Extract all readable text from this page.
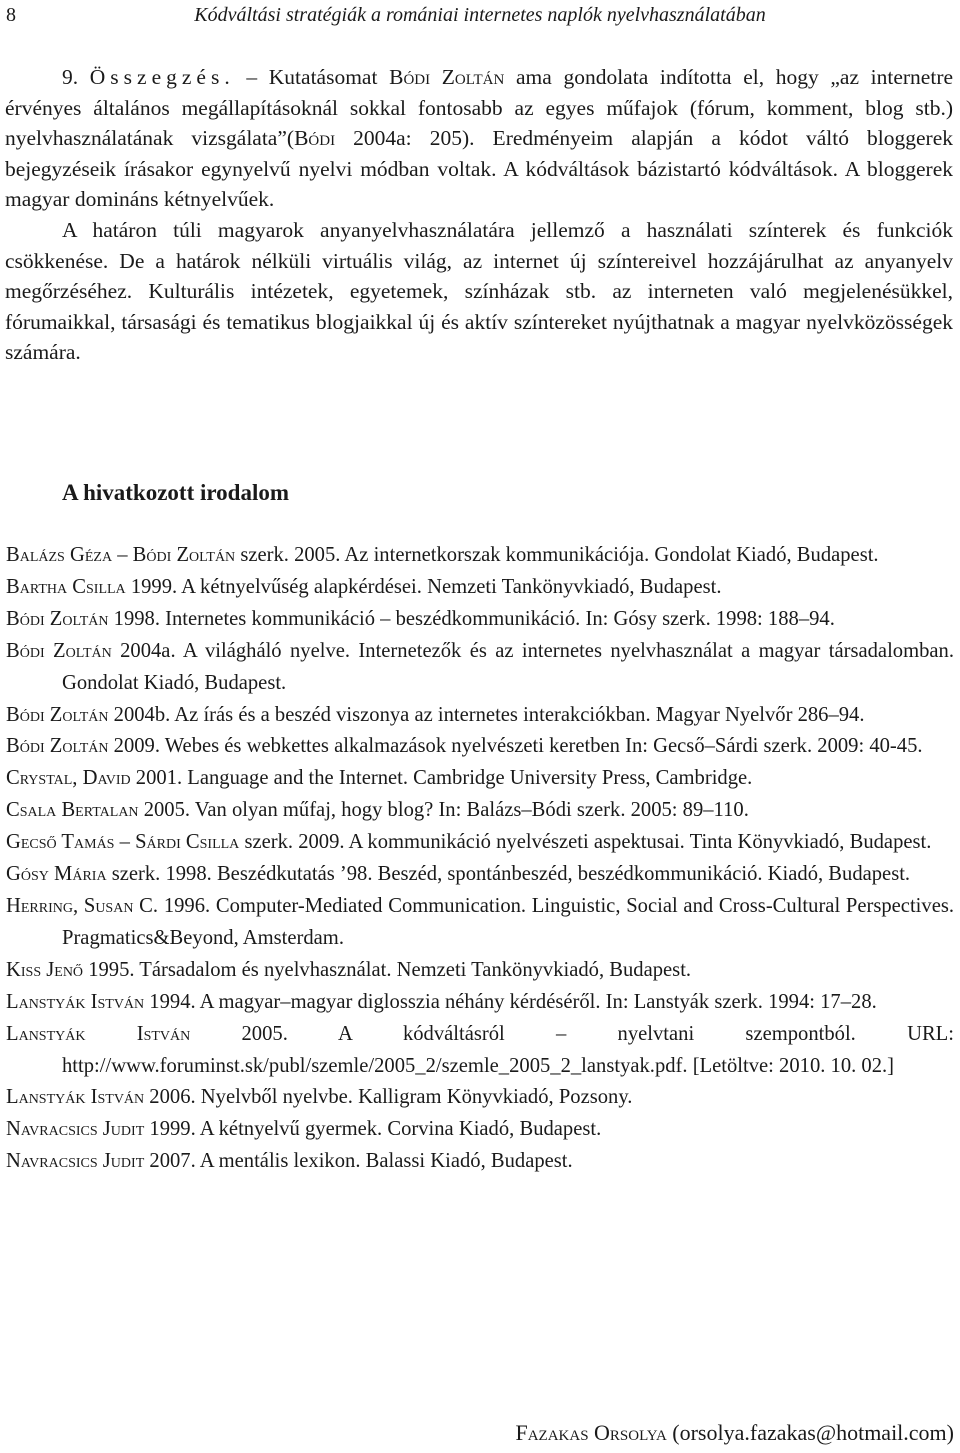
8	Kódváltási stratégiák a romániai internetes naplók nyelvhasználatában
9. Összegzés. – Kutatásomat Bódi Zoltán ama gondolata indította el, hogy „az internetre érvényes általános megállapításoknál sokkal fontosabb az egyes műfajok (fórum, komment, blog stb.) nyelvhasználatának vizsgálata”(Bódi 2004a: 205). Eredményeim alapján a kódot váltó bloggerek bejegyzéseik írásakor egynyelvű nyelvi módban voltak. A kódváltások bázistartó kódváltások. A bloggerek magyar domináns kétnyelvűek.
A határon túli magyarok anyanyelvhasználatára jellemző a használati színterek és funkciók csökkenése. De a határok nélküli virtuális világ, az internet új színtereivel hozzájárulhat az anyanyelv megőrzéséhez. Kulturális intézetek, egyetemek, színházak stb. az interneten való megjelenésükkel, fórumaikkal, társasági és tematikus blogjaikkal új és aktív színtereket nyújthatnak a magyar nyelvközösségek számára.
A hivatkozott irodalom
Balázs Géza – Bódi Zoltán szerk. 2005. Az internetkorszak kommunikációja. Gondolat Kiadó, Budapest.
Bartha Csilla 1999. A kétnyelvűség alapkérdései. Nemzeti Tankönyvkiadó, Budapest.
Bódi Zoltán 1998. Internetes kommunikáció – beszédkommunikáció. In: Gósy szerk. 1998: 188–94.
Bódi Zoltán 2004a. A világháló nyelve. Internetezők és az internetes nyelvhasználat a magyar társadalomban. Gondolat Kiadó, Budapest.
Bódi Zoltán 2004b. Az írás és a beszéd viszonya az internetes interakciókban. Magyar Nyelvőr 286–94.
Bódi Zoltán 2009. Webes és webkettes alkalmazások nyelvészeti keretben In: Gecső–Sárdi szerk. 2009: 40-45.
Crystal, David 2001. Language and the Internet. Cambridge University Press, Cambridge.
Csala Bertalan 2005. Van olyan műfaj, hogy blog? In: Balázs–Bódi szerk. 2005: 89–110.
Gecső Tamás – Sárdi Csilla szerk. 2009. A kommunikáció nyelvészeti aspektusai. Tinta Könyvkiadó, Budapest.
Gósy Mária szerk. 1998. Beszédkutatás ’98. Beszéd, spontánbeszéd, beszédkommunikáció. Kiadó, Budapest.
Herring, Susan C. 1996. Computer-Mediated Communication. Linguistic, Social and Cross-Cultural Perspectives. Pragmatics&Beyond, Amsterdam.
Kiss Jenő 1995. Társadalom és nyelvhasználat. Nemzeti Tankönyvkiadó, Budapest.
Lanstyák István 1994. A magyar–magyar diglosszia néhány kérdéséről. In: Lanstyák szerk. 1994: 17–28.
Lanstyák István 2005. A kódváltásról – nyelvtani szempontból. URL: http://www.foruminst.sk/publ/szemle/2005_2/szemle_2005_2_lanstyak.pdf. [Letöltve: 2010. 10. 02.]
Lanstyák István 2006. Nyelvből nyelvbe. Kalligram Könyvkiadó, Pozsony.
Navracsics Judit 1999. A kétnyelvű gyermek. Corvina Kiadó, Budapest.
Navracsics Judit 2007. A mentális lexikon. Balassi Kiadó, Budapest.
Fazakas Orsolya (orsolya.fazakas@hotmail.com)
